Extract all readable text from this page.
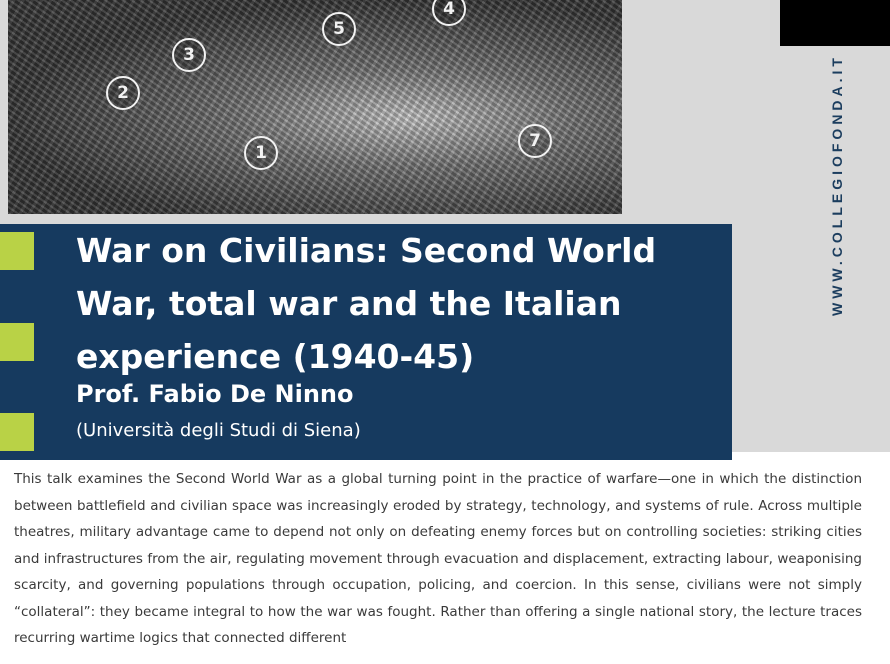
1
2
3
5
4
7	WWW.COLLEGIOFONDA.IT
War on Civilians: Second World War, total war and the Italian experience (1940-45)
Prof. Fabio De Ninno
(Università degli Studi di Siena)

This talk examines the Second World War as a global turning point in the practice of warfare—one in which the distinction between battlefield and civilian space was increasingly eroded by strategy, technology, and systems of rule. Across multiple theatres, military advantage came to depend not only on defeating enemy forces but on controlling societies: striking cities and infrastructures from the air, regulating movement through evacuation and displacement, extracting labour, weaponising scarcity, and governing populations through occupation, policing, and coercion. In this sense, civilians were not simply “collateral”: they became integral to how the war was fought. Rather than offering a single national story, the lecture traces recurring wartime logics that connected different
